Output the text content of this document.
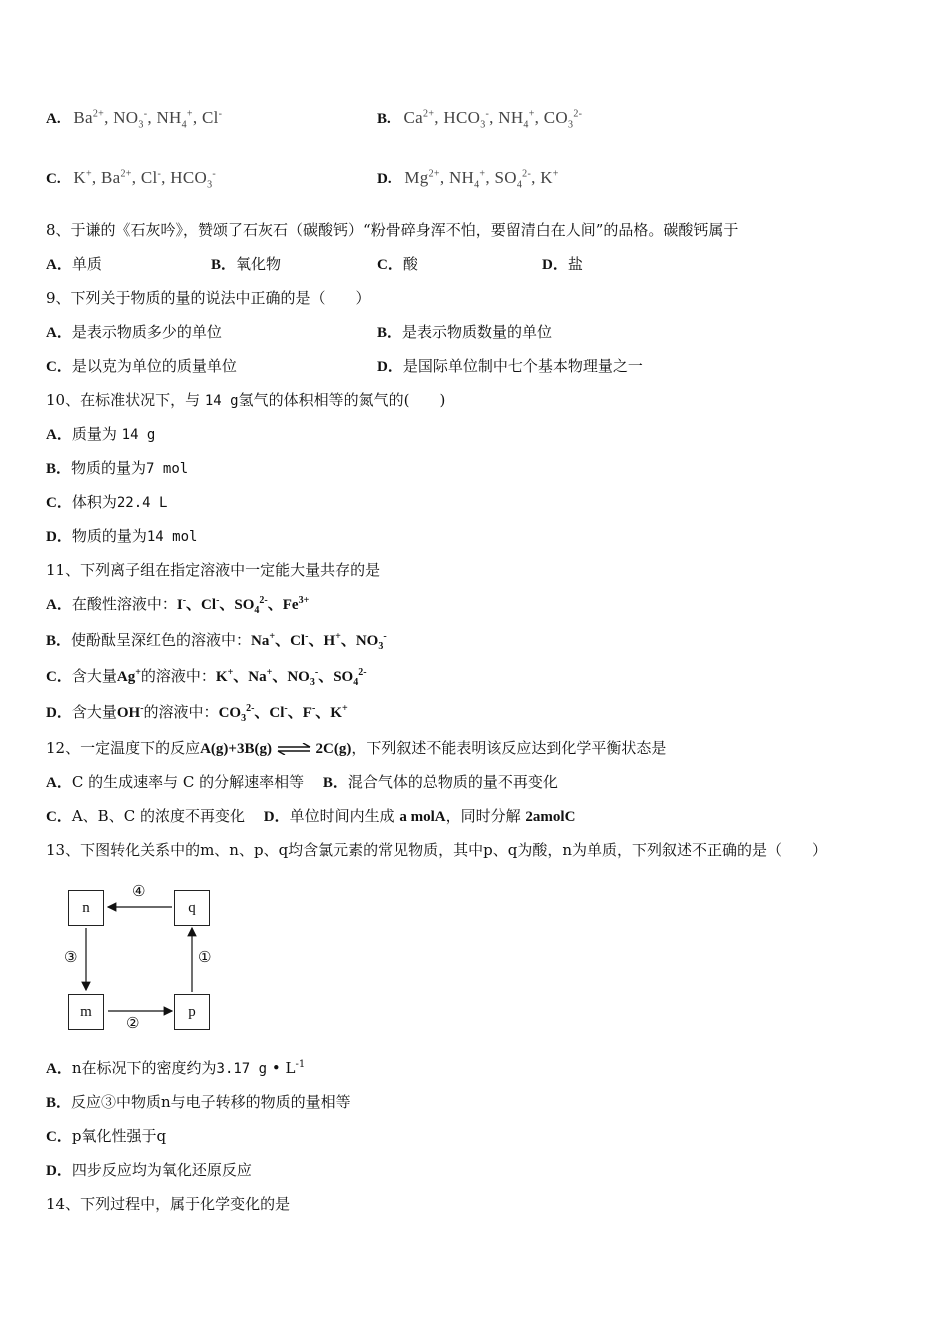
A. $Ba^{2+}$, $NO_3^-$, $NH_4^+$, Cl-	B. $Ca^{2+}$, $HCO_3^-$, $NH_4^+$, $CO_3^{2-}$
C. K+, $Ba^{2+}$, Cl-, $HCO_3^-$	D. $Mg^{2+}$, $NH_4^+$, $SO_4^{2-}$, K+
8、于谦的《石灰吟》，赞颂了石灰石（碳酸钙）“粉骨碎身浑不怕，要留清白在人间”的品格。碳酸钙属于
A．单质	B．氧化物	C．酸	D．盐
9、下列关于物质的量的说法中正确的是（　　）
A．是表示物质多少的单位	B．是表示物质数量的单位
C．是以克为单位的质量单位	D．是国际单位制中七个基本物理量之一
10、在标准状况下，与 14 g氢气的体积相等的氮气的(　　)
A．质量为 14 g
B．物质的量为7 mol
C．体积为22.4 L
D．物质的量为14 mol
11、下列离子组在指定溶液中一定能大量共存的是
A．在酸性溶液中：I-、Cl-、$SO_4^{2-}$、$Fe^{3+}$
B．使酚酞呈深红色的溶液中：Na+、Cl-、H+、$NO_3^-$
C．含大量Ag+的溶液中：K+、Na+、$NO_3^-$、$SO_4^{2-}$
D．含大量OH-的溶液中：$CO_3^{2-}$、Cl-、F-、K+
12、一定温度下的反应A(g)+3B(g) ⇌ 2C(g)，下列叙述不能表明该反应达到化学平衡状态是
A．C 的生成速率与 C 的分解速率相等 B．混合气体的总物质的量不再变化
C．A、B、C 的浓度不再变化 D．单位时间内生成 a molA，同时分解 2amolC
13、下图转化关系中的m、n、p、q均含氯元素的常见物质，其中p、q为酸，n为单质，下列叙述不正确的是（　　）
n	q
m	p
④
③
②
①
A．n在标况下的密度约为3.17 g • $L^{-1}$
B．反应③中物质n与电子转移的物质的量相等
C．p氧化性强于q
D．四步反应均为氧化还原反应
14、下列过程中，属于化学变化的是
